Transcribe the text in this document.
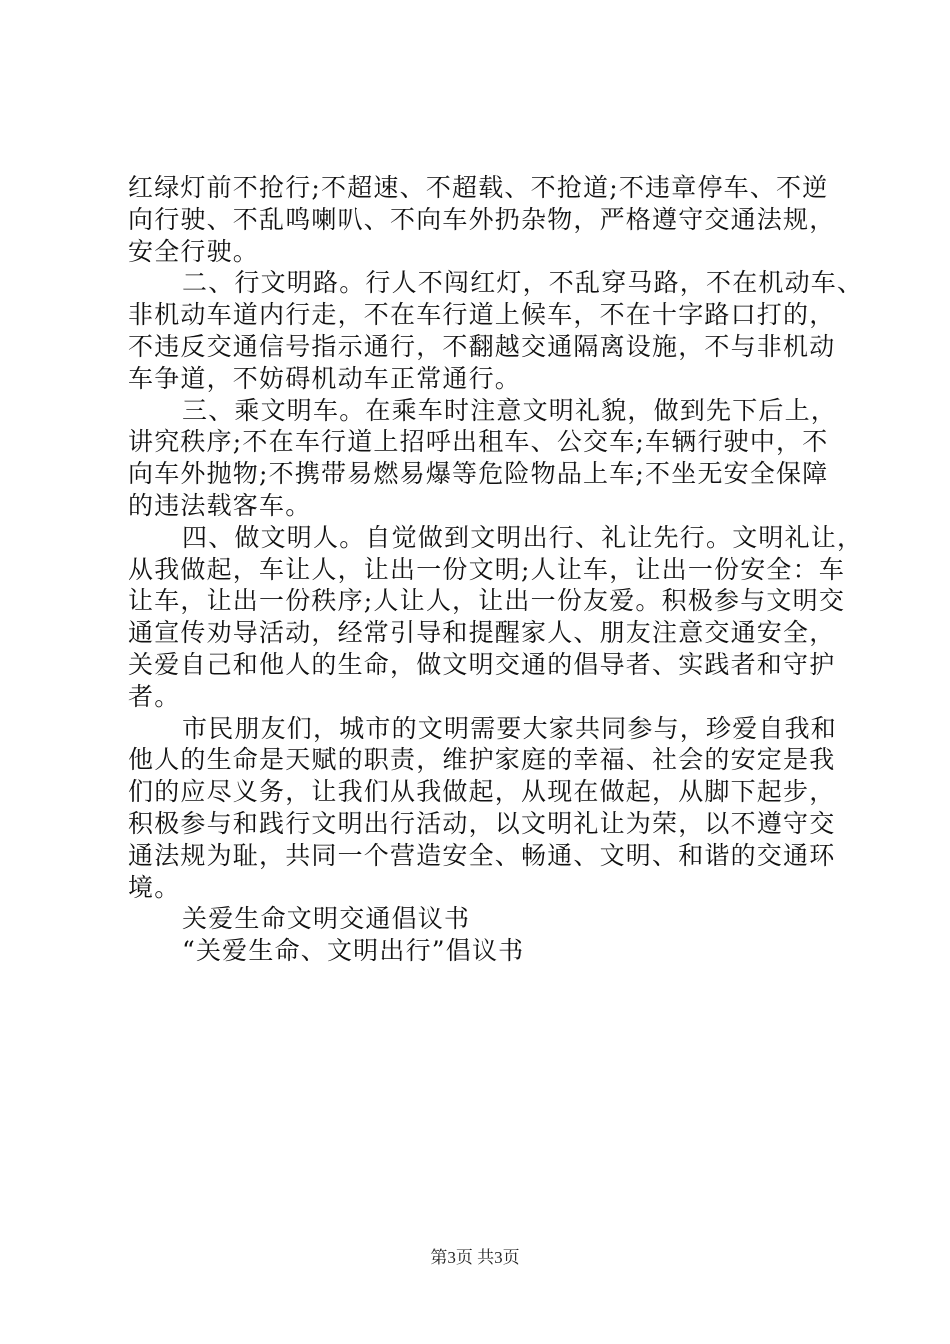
红绿灯前不抢行;不超速、不超载、不抢道;不违章停车、不逆
向行驶、不乱鸣喇叭、不向车外扔杂物，严格遵守交通法规，
安全行驶。
二、行文明路。行人不闯红灯，不乱穿马路，不在机动车、
非机动车道内行走，不在车行道上候车，不在十字路口打的，
不违反交通信号指示通行，不翻越交通隔离设施，不与非机动
车争道，不妨碍机动车正常通行。
三、乘文明车。在乘车时注意文明礼貌，做到先下后上，
讲究秩序;不在车行道上招呼出租车、公交车;车辆行驶中，不
向车外抛物;不携带易燃易爆等危险物品上车;不坐无安全保障
的违法载客车。
四、做文明人。自觉做到文明出行、礼让先行。文明礼让，
从我做起，车让人，让出一份文明;人让车，让出一份安全：车
让车，让出一份秩序;人让人，让出一份友爱。积极参与文明交
通宣传劝导活动，经常引导和提醒家人、朋友注意交通安全，
关爱自己和他人的生命，做文明交通的倡导者、实践者和守护
者。
市民朋友们，城市的文明需要大家共同参与，珍爱自我和
他人的生命是天赋的职责，维护家庭的幸福、社会的安定是我
们的应尽义务，让我们从我做起，从现在做起，从脚下起步，
积极参与和践行文明出行活动，以文明礼让为荣，以不遵守交
通法规为耻，共同一个营造安全、畅通、文明、和谐的交通环
境。
关爱生命文明交通倡议书
“关爱生命、文明出行”倡议书
第3页 共3页
